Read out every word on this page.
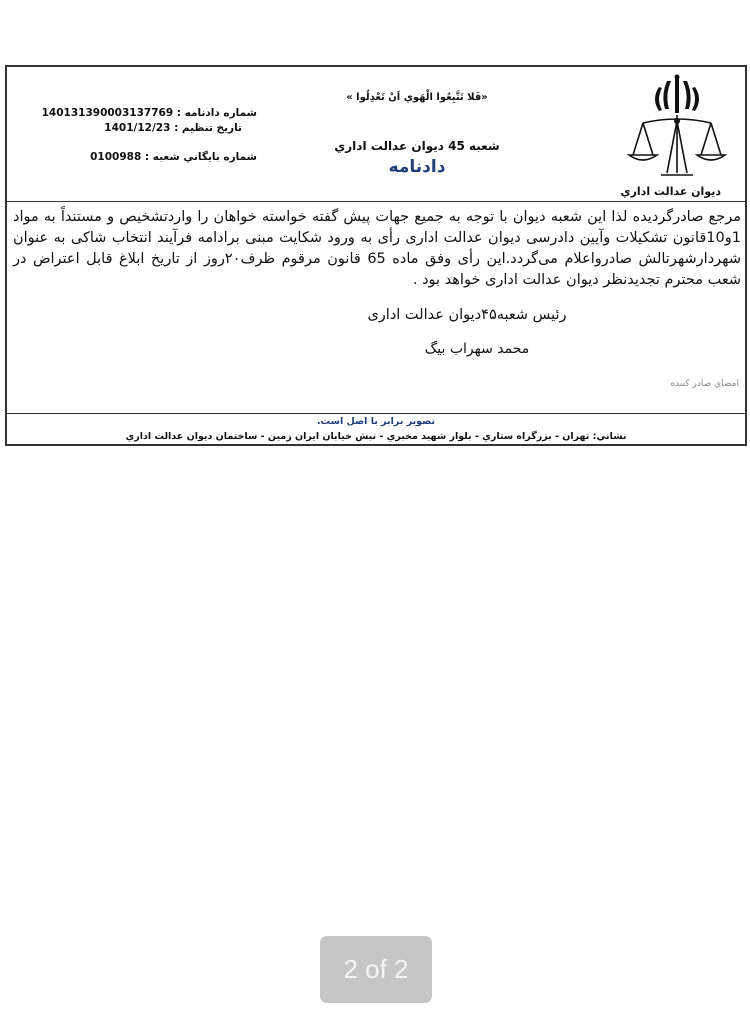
ديوان عدالت اداري
«فَلا تَتَّبِعُوا الْهَوي اَنْ تَعْدِلُوا »
شعبه 45 ديوان عدالت اداري
دادنامه
شماره دادنامه : 140131390003137769
تاريخ تنظيم : 1401/12/23
شماره بايگاني شعبه : 0100988
مرجع صادرگردیده لذا این شعبه دیوان با توجه به جمیع جهات پیش گفته خواسته خواهان را واردتشخیص و مستنداً به مواد 1و10قانون تشکیلات وآیین دادرسی دیوان عدالت اداری رأی به ورود شکایت مبنی برادامه فرآیند انتخاب شاکی به عنوان شهردارشهرتالش صادرواعلام می‌گردد.این رأی وفق ماده 65 قانون مرقوم ظرف۲۰روز از تاریخ ابلاغ قابل اعتراض در شعب محترم تجدیدنظر دیوان عدالت اداری خواهد بود .
رئیس شعبه۴۵دیوان عدالت اداری
محمد سهراب بیگ
امضاي صادر کننده
تصوير برابر با اصل است.
نشاني: تهران - بزرگراه ستاري - بلوار شهيد مخبري - نبش خيابان ايران زمين - ساختمان ديوان عدالت اداري
2 of 2
